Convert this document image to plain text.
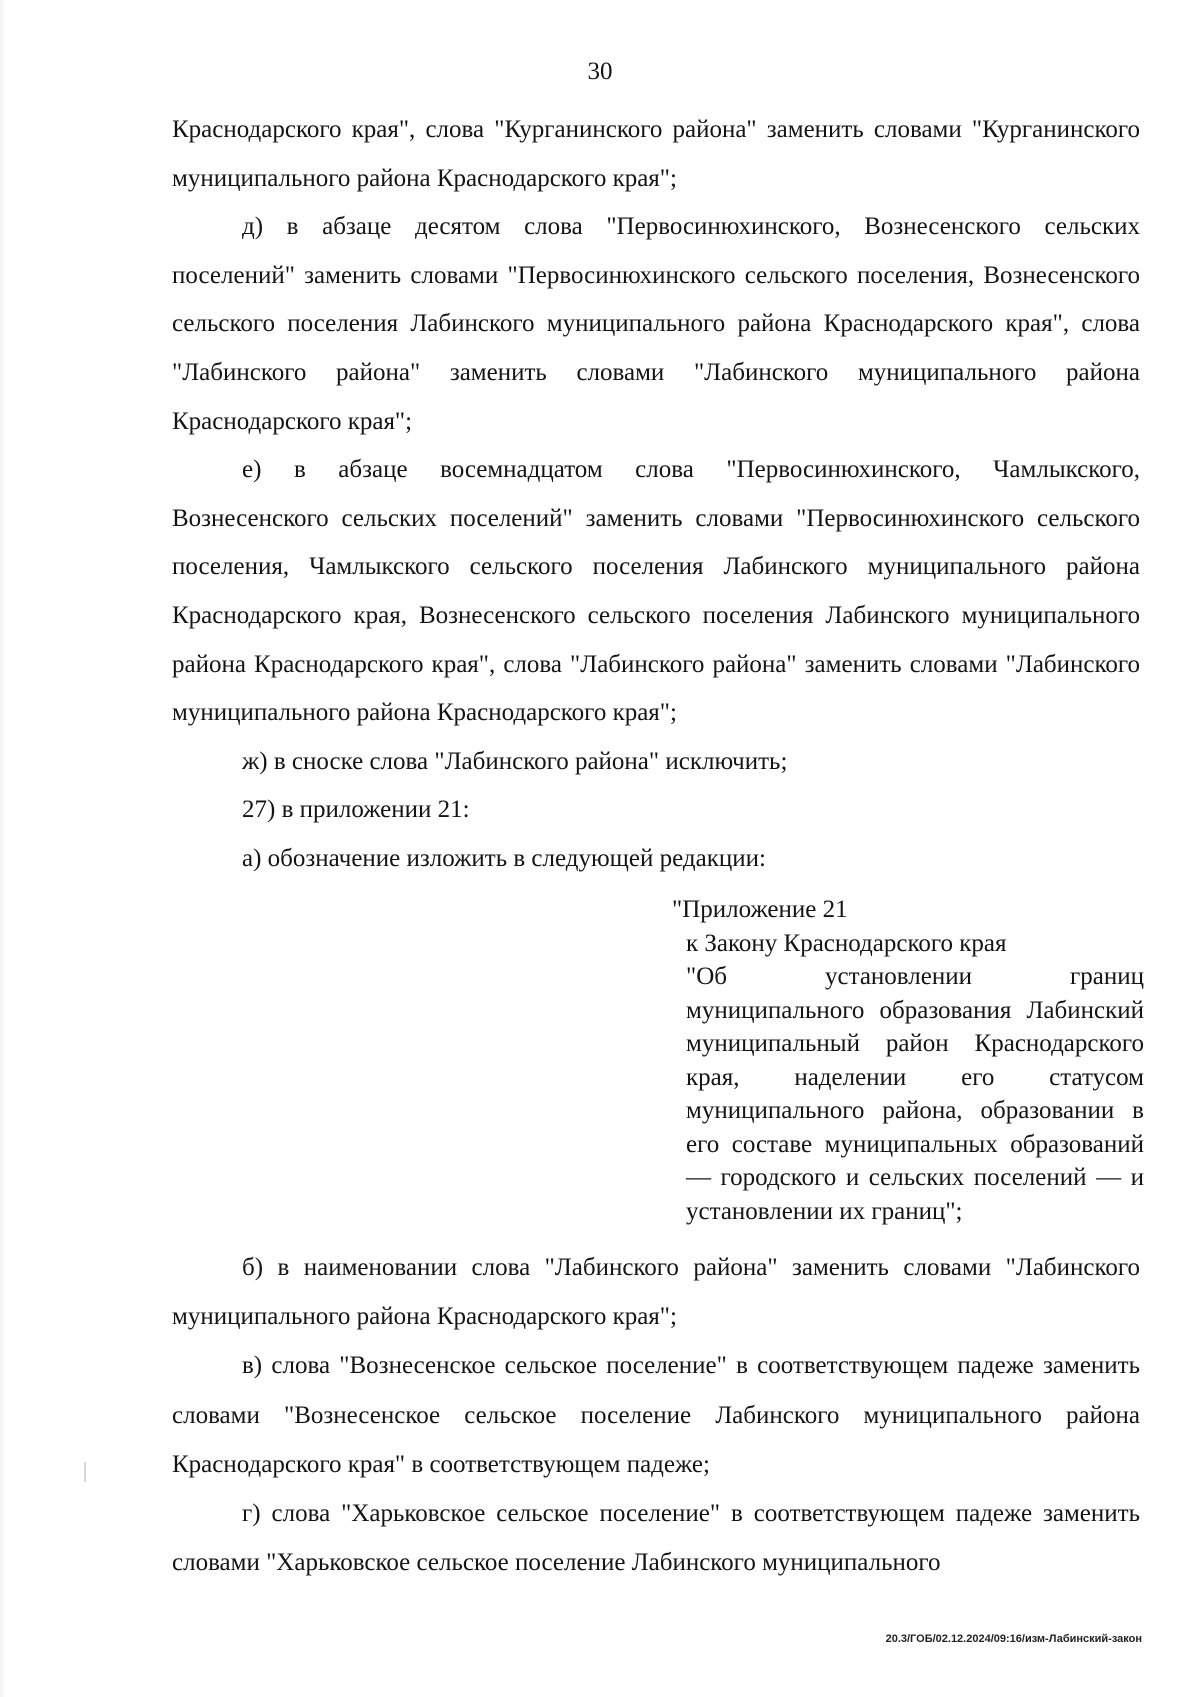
30

Краснодарского края", слова "Курганинского района" заменить словами "Курганинского муниципального района Краснодарского края";

д) в абзаце десятом слова "Первосинюхинского, Вознесенского сельских поселений" заменить словами "Первосинюхинского сельского поселения, Вознесенского сельского поселения Лабинского муниципального района Краснодарского края", слова "Лабинского района" заменить словами "Лабинского муниципального района Краснодарского края";

е) в абзаце восемнадцатом слова "Первосинюхинского, Чамлыкского, Вознесенского сельских поселений" заменить словами "Первосинюхинского сельского поселения, Чамлыкского сельского поселения Лабинского муниципального района Краснодарского края, Вознесенского сельского поселения Лабинского муниципального района Краснодарского края", слова "Лабинского района" заменить словами "Лабинского муниципального района Краснодарского края";

ж) в сноске слова "Лабинского района" исключить;

27) в приложении 21:

а) обозначение изложить в следующей редакции:

"Приложение 21
к Закону Краснодарского края
"Об установлении границ муниципального образования Лабинский муниципальный район Краснодарского края, наделении его статусом муниципального района, образовании в его составе муниципальных образований — городского и сельских поселений — и установлении их границ";

б) в наименовании слова "Лабинского района" заменить словами "Лабинского муниципального района Краснодарского края";

в) слова "Вознесенское сельское поселение" в соответствующем падеже заменить словами "Вознесенское сельское поселение Лабинского муниципального района Краснодарского края" в соответствующем падеже;

г) слова "Харьковское сельское поселение" в соответствующем падеже заменить словами "Харьковское сельское поселение Лабинского муниципального

20.3/ГОБ/02.12.2024/09:16/изм-Лабинский-закон
